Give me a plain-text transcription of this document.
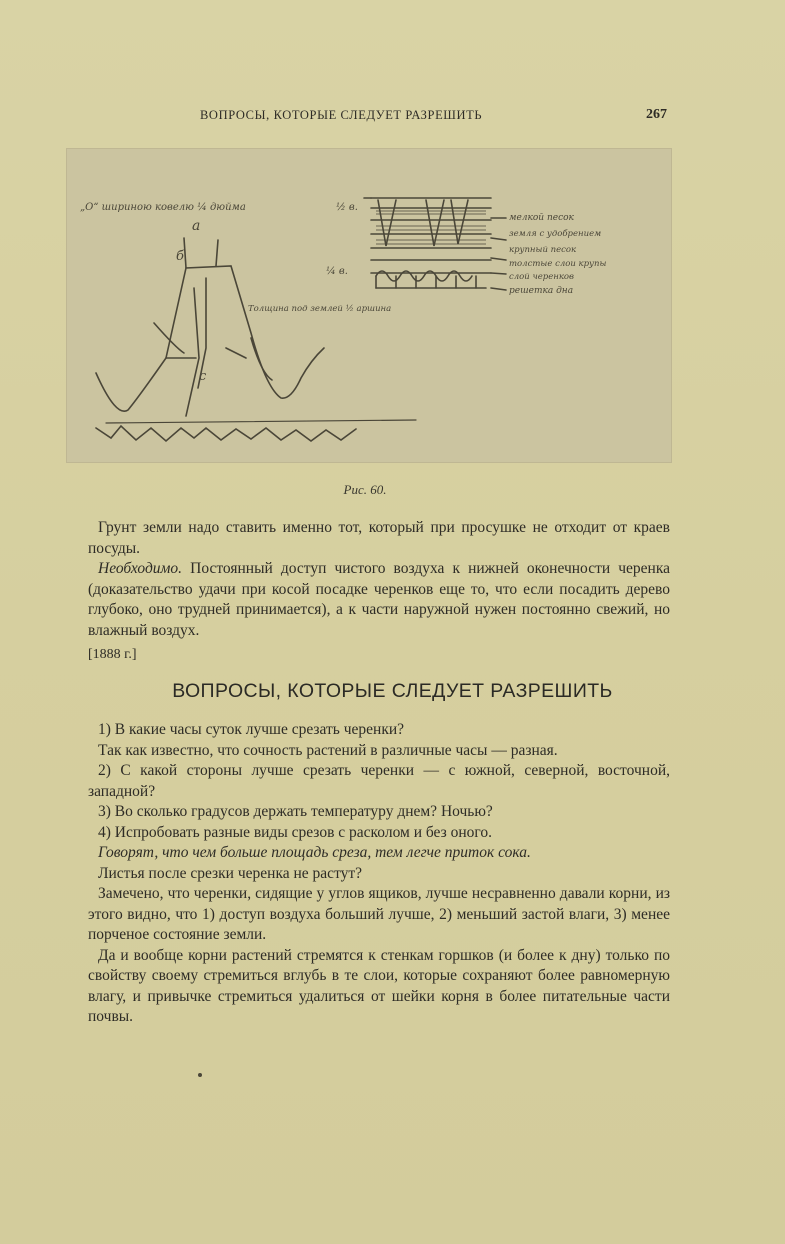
ВОПРОСЫ, КОТОРЫЕ СЛЕДУЕТ РАЗРЕШИТЬ	267
„О“ шириною ковелю ¼ дюйма
а
б
с
Толщина под землей ½ аршина
½ в.
¼ в.
мелкой песок
земля с удобрением
крупный песок
толстые слои крупы
слой черенков
решетка дна
Рис. 60.

Грунт земли надо ставить именно тот, который при просушке не отходит от краев посуды.

Необходимо. Постоянный доступ чистого воздуха к нижней оконечности черенка (доказательство удачи при косой посадке черенков еще то, что если посадить дерево глубоко, оно трудней принимается), а к части наружной нужен постоянно свежий, но влажный воздух.

[1888 г.]

ВОПРОСЫ, КОТОРЫЕ СЛЕДУЕТ РАЗРЕШИТЬ

1) В какие часы суток лучше срезать черенки?

Так как известно, что сочность растений в различные часы — разная.

2) С какой стороны лучше срезать черенки — с южной, северной, восточной, западной?

3) Во сколько градусов держать температуру днем? Ночью?

4) Испробовать разные виды срезов с расколом и без оного.

Говорят, что чем больше площадь среза, тем легче приток сока.

Листья после срезки черенка не растут?

Замечено, что черенки, сидящие у углов ящиков, лучше несравненно давали корни, из этого видно, что 1) доступ воздуха больший лучше, 2) меньший застой влаги, 3) менее порченое состояние земли.

Да и вообще корни растений стремятся к стенкам горшков (и более к дну) только по свойству своему стремиться вглубь в те слои, которые сохраняют более равномерную влагу, и привычке стремиться удалиться от шейки корня в более питательные части почвы.
